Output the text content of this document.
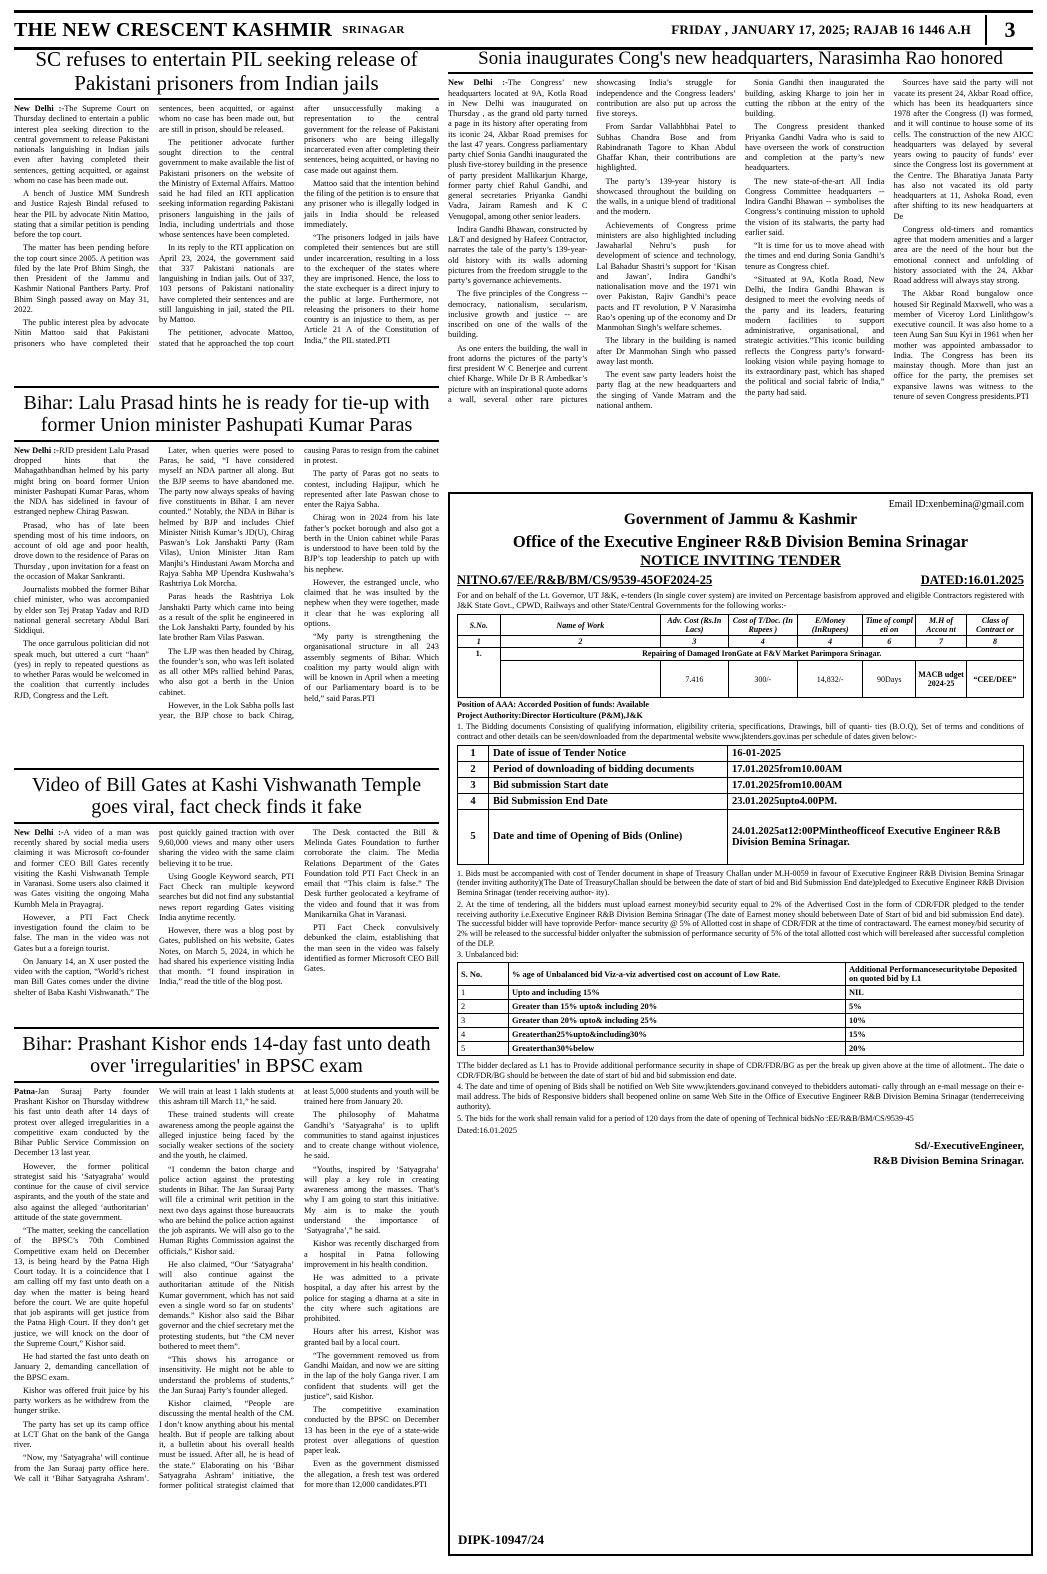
THE NEW CRESCENT KASHMIR SRINAGAR	FRIDAY , JANUARY 17, 2025; RAJAB 16 1446 A.H	3
SC refuses to entertain PIL seeking release of Pakistani prisoners from Indian jails

New Delhi :-The Supreme Court on Thursday declined to entertain a public interest plea seeking direction to the central government to release Pakistani nationals languishing in Indian jails even after having completed their sentences, getting acquitted, or against whom no case has been made out.

A bench of Justice MM Sundresh and Justice Rajesh Bindal refused to hear the PIL by advocate Nitin Mattoo, stating that a similar petition is pending before the top court.

The matter has been pending before the top court since 2005. A petition was filed by the late Prof Bhim Singh, the then President of the Jammu and Kashmir National Panthers Party. Prof Bhim Singh passed away on May 31, 2022.

The public interest plea by advocate Nitin Mattoo said that Pakistani prisoners who have completed their sentences, been acquitted, or against whom no case has been made out, but are still in prison, should be released.

The petitioner advocate further sought direction to the central government to make available the list of Pakistani prisoners on the website of the Ministry of External Affairs. Mattoo said he had filed an RTI application seeking information regarding Pakistani prisoners languishing in the jails of India, including undertrials and those whose sentences have been completed.

In its reply to the RTI application on April 23, 2024, the government said that 337 Pakistani nationals are languishing in Indian jails. Out of 337, 103 persons of Pakistani nationality have completed their sentences and are still languishing in jail, stated the PIL by Mattoo.

The petitioner, advocate Mattoo, stated that he approached the top court after unsuccessfully making a representation to the central government for the release of Pakistani prisoners who are being illegally incarcerated even after completing their sentences, being acquitted, or having no case made out against them.

Mattoo said that the intention behind the filing of the petition is to ensure that any prisoner who is illegally lodged in jails in India should be released immediately.

“The prisoners lodged in jails have completed their sentences but are still under incarceration, resulting in a loss to the exchequer of the states where they are imprisoned. Hence, the loss to the state exchequer is a direct injury to the public at large. Furthermore, not releasing the prisoners to their home country is an injustice to them, as per Article 21 A of the Constitution of India,” the PIL stated.PTI

Bihar: Lalu Prasad hints he is ready for tie-up with former Union minister Pashupati Kumar Paras

New Delhi :-RJD president Lalu Prasad dropped hints that the Mahagathbandhan helmed by his party might bring on board former Union minister Pashupati Kumar Paras, whom the NDA has sidelined in favour of estranged nephew Chirag Paswan.

Prasad, who has of late been spending most of his time indoors, on account of old age and poor health, drove down to the residence of Paras on Thursday , upon invitation for a feast on the occasion of Makar Sankranti.

Journalists mobbed the former Bihar chief minister, who was accompanied by elder son Tej Pratap Yadav and RJD national general secretary Abdul Bari Siddiqui.

The once garrulous politician did not speak much, but uttered a curt “haan” (yes) in reply to repeated questions as to whether Paras would be welcomed in the coalition that currently includes RJD, Congress and the Left.

Later, when queries were posed to Paras, he said, “I have considered myself an NDA partner all along. But the BJP seems to have abandoned me. The party now always speaks of having five constituents in Bihar. I am never counted.” Notably, the NDA in Bihar is helmed by BJP and includes Chief Minister Nitish Kumar’s JD(U), Chirag Paswan’s Lok Janshakti Party (Ram Vilas), Union Minister Jitan Ram Manjhi’s Hindustani Awam Morcha and Rajya Sabha MP Upendra Kushwaha’s Rashtriya Lok Morcha.

Paras heads the Rashtriya Lok Janshakti Party which came into being as a result of the split he engineered in the Lok Janshakti Party, founded by his late brother Ram Vilas Paswan.

The LJP was then headed by Chirag, the founder’s son, who was left isolated as all other MPs rallied behind Paras, who also got a berth in the Union cabinet.

However, in the Lok Sabha polls last year, the BJP chose to back Chirag, causing Paras to resign from the cabinet in protest.

The party of Paras got no seats to contest, including Hajipur, which he represented after late Paswan chose to enter the Rajya Sabha.

Chirag won in 2024 from his late father’s pocket borough and also got a berth in the Union cabinet while Paras is understood to have been told by the BJP’s top leadership to patch up with his nephew.

However, the estranged uncle, who claimed that he was insulted by the nephew when they were together, made it clear that he was exploring all options.

“My party is strengthening the organisational structure in all 243 assembly segments of Bihar. Which coalition my party would align with will be known in April when a meeting of our Parliamentary board is to be held,” said Paras.PTI

Video of Bill Gates at Kashi Vishwanath Temple goes viral, fact check finds it fake

New Delhi :-A video of a man was recently shared by social media users claiming it was Microsoft co-founder and former CEO Bill Gates recently visiting the Kashi Vishwanath Temple in Varanasi. Some users also claimed it was Gates visiting the ongoing Maha Kumbh Mela in Prayagraj.

However, a PTI Fact Check investigation found the claim to be false. The man in the video was not Gates but a a foreign tourist.

On January 14, an X user posted the video with the caption, “World’s richest man Bill Gates comes under the divine shelter of Baba Kashi Vishwanath.” The post quickly gained traction with over 9,60,000 views and many other users sharing the video with the same claim believing it to be true.

Using Google Keyword search, PTI Fact Check ran multiple keyword searches but did not find any substantial news report regarding Gates visiting India anytime recently.

However, there was a blog post by Gates, published on his website, Gates Notes, on March 5, 2024, in which he had shared his experience visiting India that month. “I found inspiration in India,” read the title of the blog post.

The Desk contacted the Bill & Melinda Gates Foundation to further corroborate the claim. The Media Relations Department of the Gates Foundation told PTI Fact Check in an email that “This claim is false.” The Desk further geolocated a keyframe of the video and found that it was from Manikarnika Ghat in Varanasi.

PTI Fact Check convulsively debunked the claim, establishing that the man seen in the video was falsely identified as former Microsoft CEO Bill Gates.

Bihar: Prashant Kishor ends 14-day fast unto death over 'irregularities' in BPSC exam

Patna-Jan Suraaj Party founder Prashant Kishor on Thursday withdrew his fast unto death after 14 days of protest over alleged irregularities in a competitive exam conducted by the Bihar Public Service Commission on December 13 last year.

However, the former political strategist said his ‘Satyagraha’ would continue for the cause of civil service aspirants, and the youth of the state and also against the alleged ‘authoritarian’ attitude of the state government.

“The matter, seeking the cancellation of the BPSC’s 70th Combined Competitive exam held on December 13, is being heard by the Patna High Court today. It is a coincidence that I am calling off my fast unto death on a day when the matter is being heard before the court. We are quite hopeful that job aspirants will get justice from the Patna High Court. If they don’t get justice, we will knock on the door of the Supreme Court,” Kishor said.

He had started the fast unto death on January 2, demanding cancellation of the BPSC exam.

Kishor was offered fruit juice by his party workers as he withdrew from the hunger strike.

The party has set up its camp office at LCT Ghat on the bank of the Ganga river.

“Now, my ‘Satyagraha’ will continue from the Jan Suraaj party office here. We call it ‘Bihar Satyagraha Ashram’. We will train at least 1 lakh students at this ashram till March 11,” he said.

These trained students will create awareness among the people against the alleged injustice being faced by the socially weaker sections of the society and the youth, he claimed.

“I condemn the baton charge and police action against the protesting students in Bihar. The Jan Suraaj Party will file a criminal writ petition in the next two days against those bureaucrats who are behind the police action against the job aspirants. We will also go to the Human Rights Commission against the officials,” Kishor said.

He also claimed, “Our ‘Satyagraha’ will also continue against the authoritarian attitude of the Nitish Kumar government, which has not said even a single word so far on students’ demands.” Kishor also said the Bihar governor and the chief secretary met the protesting students, but “the CM never bothered to meet them”.

“This shows his arrogance or insensitivity. He might not be able to understand the problems of students,” the Jan Suraaj Party’s founder alleged.

Kishor claimed, “People are discussing the mental health of the CM. I don’t know anything about his mental health. But if people are talking about it, a bulletin about his overall health must be issued. After all, he is head of the state.” Elaborating on his ‘Bihar Satyagraha Ashram’ initiative, the former political strategist claimed that at least 5,000 students and youth will be trained here from January 20.

The philosophy of Mahatma Gandhi’s ‘Satyagraha’ is to uplift communities to stand against injustices and to create change without violence, he said.

“Youths, inspired by ‘Satyagraha’ will play a key role in creating awareness among the masses. That’s why I am going to start this initiative. My aim is to make the youth understand the importance of ‘Satyagraha’,” he said.

Kishor was recently discharged from a hospital in Patna following improvement in his health condition.

He was admitted to a private hospital, a day after his arrest by the police for staging a dharna at a site in the city where such agitations are prohibited.

Hours after his arrest, Kishor was granted bail by a local court.

“The government removed us from Gandhi Maidan, and now we are sitting in the lap of the holy Ganga river. I am confident that students will get the justice”, said Kishor.

The competitive examination conducted by the BPSC on December 13 has been in the eye of a state-wide protest over allegations of question paper leak.

Even as the government dismissed the allegation, a fresh test was ordered for more than 12,000 candidates.PTI

Sonia inaugurates Cong's new headquarters, Narasimha Rao honored

New Delhi :-The Congress’ new headquarters located at 9A, Kotla Road in New Delhi was inaugurated on Thursday , as the grand old party turned a page in its history after operating from its iconic 24, Akbar Road premises for the last 47 years. Congress parliamentary party chief Sonia Gandhi inaugurated the plush five-storey building in the presence of party president Mallikarjun Kharge, former party chief Rahul Gandhi, and general secretaries Priyanka Gandhi Vadra, Jairam Ramesh and K C Venugopal, among other senior leaders.

Indira Gandhi Bhawan, constructed by L&T and designed by Hafeez Contractor, narrates the tale of the party’s 139-year-old history with its walls adorning pictures from the freedom struggle to the party’s governance achievements.

The five principles of the Congress -- democracy, nationalism, secularism, inclusive growth and justice -- are inscribed on one of the walls of the building.

As one enters the building, the wall in front adorns the pictures of the party’s first president W C Benerjee and current chief Kharge. While Dr B R Ambedkar’s picture with an inspirational quote adorns a wall, several other rare pictures showcasing India’s struggle for independence and the Congress leaders’ contribution are also put up across the five storeys.

From Sardar Vallabhbhai Patel to Subhas Chandra Bose and from Rabindranath Tagore to Khan Abdul Ghaffar Khan, their contributions are highlighted.

The party’s 139-year history is showcased throughout the building on the walls, in a unique blend of traditional and the modern.

Achievements of Congress prime ministers are also highlighted including Jawaharlal Nehru’s push for development of science and technology, Lal Bahadur Shastri’s support for ‘Kisan and Jawan’, Indira Gandhi’s nationalisation move and the 1971 win over Pakistan, Rajiv Gandhi’s peace pacts and IT revolution, P V Narasimha Rao’s opening up of the economy and Dr Manmohan Singh’s welfare schemes.

The library in the building is named after Dr Manmohan Singh who passed away last month.

The event saw party leaders hoist the party flag at the new headquarters and the singing of Vande Matram and the national anthem.

Sonia Gandhi then inaugurated the building, asking Kharge to join her in cutting the ribbon at the entry of the building.

The Congress president thanked Priyanka Gandhi Vadra who is said to have overseen the work of construction and completion at the party’s new headquarters.

The new state-of-the-art All India Congress Committee headquarters -- Indira Gandhi Bhawan -- symbolises the Congress’s continuing mission to uphold the vision of its stalwarts, the party had earlier said.

“It is time for us to move ahead with the times and end during Sonia Gandhi’s tenure as Congress chief.

“Situated at 9A, Kotla Road, New Delhi, the Indira Gandhi Bhawan is designed to meet the evolving needs of the party and its leaders, featuring modern facilities to support administrative, organisational, and strategic activities.”This iconic building reflects the Congress party’s forward-looking vision while paying homage to its extraordinary past, which has shaped the political and social fabric of India,” the party had said.

Sources have said the party will not vacate its present 24, Akbar Road office, which has been its headquarters since 1978 after the Congress (I) was formed, and it will continue to house some of its cells. The construction of the new AICC headquarters was delayed by several years owing to paucity of funds’ ever since the Congress lost its government at the Centre. The Bharatiya Janata Party has also not vacated its old party headquarters at 11, Ashoka Road, even after shifting to its new headquarters at De

Congress old-timers and romantics agree that modern amenities and a larger area are the need of the hour but the emotional connect and unfolding of history associated with the 24, Akbar Road address will always stay strong.

The Akbar Road bungalow once housed Sir Reginald Maxwell, who was a member of Viceroy Lord Linlithgow’s executive council. It was also home to a teen Aung San Suu Kyi in 1961 when her mother was appointed ambassador to India. The Congress has been its mainstay though. More than just an office for the party, the premises set expansive lawns was witness to the tenure of seven Congress presidents.PTI

Email ID:xenbemina@gmail.com
Government of Jammu & Kashmir
Office of the Executive Engineer R&B Division Bemina Srinagar
NOTICE INVITING TENDER
NITNO.67/EE/R&B/BM/CS/9539-45OF2024-25	DATED:16.01.2025
For and on behalf of the Lt. Governor, UT J&K, e-tenders (In single cover system) are invited on Percentage basisfrom approved and eligible Contractors registered with J&K State Govt., CPWD, Railways and other State/Central Governments for the following works:-
S.No.	Name of Work	Adv. Cost (Rs.In Lacs)	Cost of T/Doc. (In Rupees )	E/Money (InRupees)	Time of compl eti on	M.H of Accou nt	Class of Contract or
1	2	3	4	4	6	7	8
1.	Repairing of Damaged IronGate at F&V Market Parimpora Srinagar.						
		7.416	300/-	14,832/-	90Days	MACB udget 2024-25	“CEE/DEE”
Position of AAA: Accorded Position of funds: Available
Project Authority:Director Horticulture (P&M),J&K
1. The Bidding documents Consisting of qualifying information, eligibility criteria, specifications, Drawings, bill of quanti- ties (B.O.Q), Set of terms and conditions of contract and other details can be seen/downloaded from the departmental website www.jktenders.gov.inas per schedule of dates given below:-
1	Date of issue of Tender Notice	16-01-2025
2	Period of downloading of bidding documents	17.01.2025from10.00AM
3	Bid submission Start date	17.01.2025from10.00AM
4	Bid Submission End Date	23.01.2025upto4.00PM.
5	Date and time of Opening of Bids (Online)	24.01.2025at12:00PMintheofficeof Executive Engineer R&B Division Bemina Srinagar.
1. Bids must be accompanied with cost of Tender document in shape of Treasury Challan under M.H-0059 in favour of Executive Engineer R&B Division Bemina Srinagar (tender inviting authority)(The Date of TreasuryChallan should be between the date of start of bid and Bid Submission End date)pledged to Executive Engineer R&B Division Bemina Srinagar (tender receiving author- ity).
2. At the time of tendering, all the bidders must upload earnest money/bid security equal to 2% of the Advertised Cost in the form of CDR/FDR pledged to the tender receiving authority i.e.Executive Engineer R&B Division Bemina Srinagar (The date of Earnest money should bebetween Date of Start of bid and bid submission End date). The successful bidder will have toprovide Perfor- mance security @ 5% of Allotted cost in shape of CDR/FDR at the time of contractaward. The earnest money/bid security of 2% will be released to the successful bidder onlyafter the submission of performance security of 5% of the total allotted cost which will bereleased after successful completion of the DLP.
3. Unbalanced bid:
S. No.	% age of Unbalanced bid Viz-a-viz advertised cost on account of Low Rate.	Additional Performancesecuritytobe Deposited on quoted bid by L1
1	Upto and including 15%	NIL
2	Greater than 15% upto& including 20%	5%
3	Greater than 20% upto& including 25%	10%
4	Greaterthan25%upto&including30%	15%
5	Greaterthan30%below	20%
TThe bidder declared as L1 has to Provide additional performance security in shape of CDR/FDR/BG as per the break up given above at the time of allotment.. The date o CDR/FDR/BG should be between the date of start of bid and bid submission end date.
4. The date and time of opening of Bids shall be notified on Web Site www.jktenders.gov.inand conveyed to thebidders automati- cally through an e-mail message on their e-mail address. The bids of Responsive bidders shall beopened online on same Web Site in the Office of Executive Engineer R&B Division Bemina Srinagar (tenderreceiving authority).
5. The bids for the work shall remain valid for a period of 120 days from the date of opening of Technical bidsNo :EE/R&B/BM/CS/9539-45
Dated:16.01.2025
Sd/-ExecutiveEngineer,
R&B Division Bemina Srinagar.
DIPK-10947/24
